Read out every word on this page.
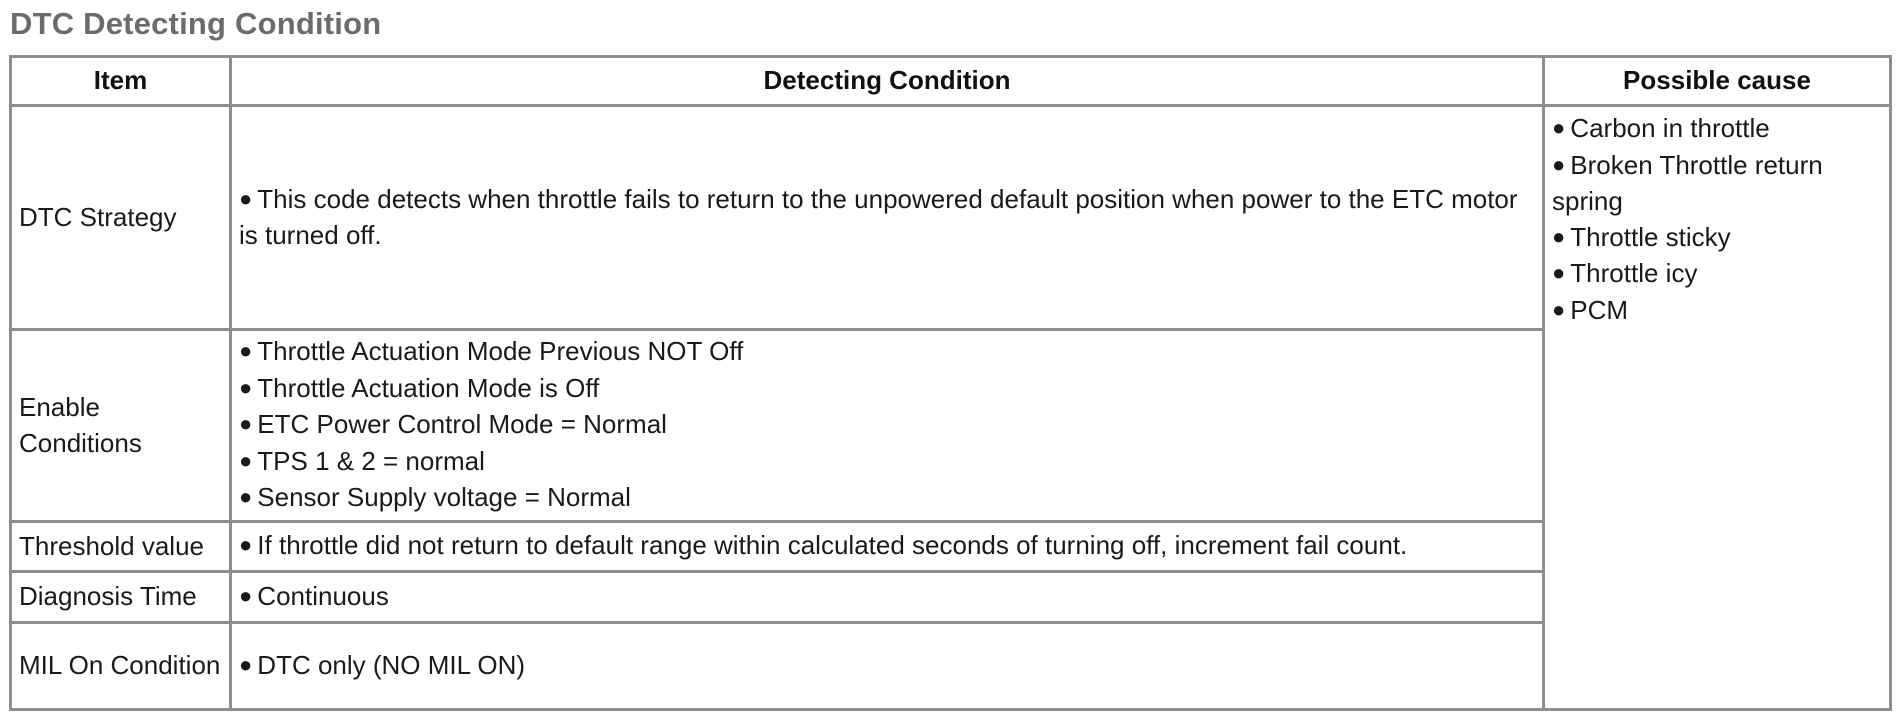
DTC Detecting Condition
Item	Detecting Condition	Possible cause
DTC Strategy	● This code detects when throttle fails to return to the unpowered default position when power to the ETC motor is turned off.	● Carbon in throttle
● Broken Throttle return spring
● Throttle sticky
● Throttle icy
● PCM

Enable Conditions	● Throttle Actuation Mode Previous NOT Off
● Throttle Actuation Mode is Off
● ETC Power Control Mode = Normal
● TPS 1 & 2 = normal
● Sensor Supply voltage = Normal	

Threshold value	● If throttle did not return to default range within calculated seconds of turning off, increment fail count.	

Diagnosis Time	● Continuous	

MIL On Condition	● DTC only (NO MIL ON)	
